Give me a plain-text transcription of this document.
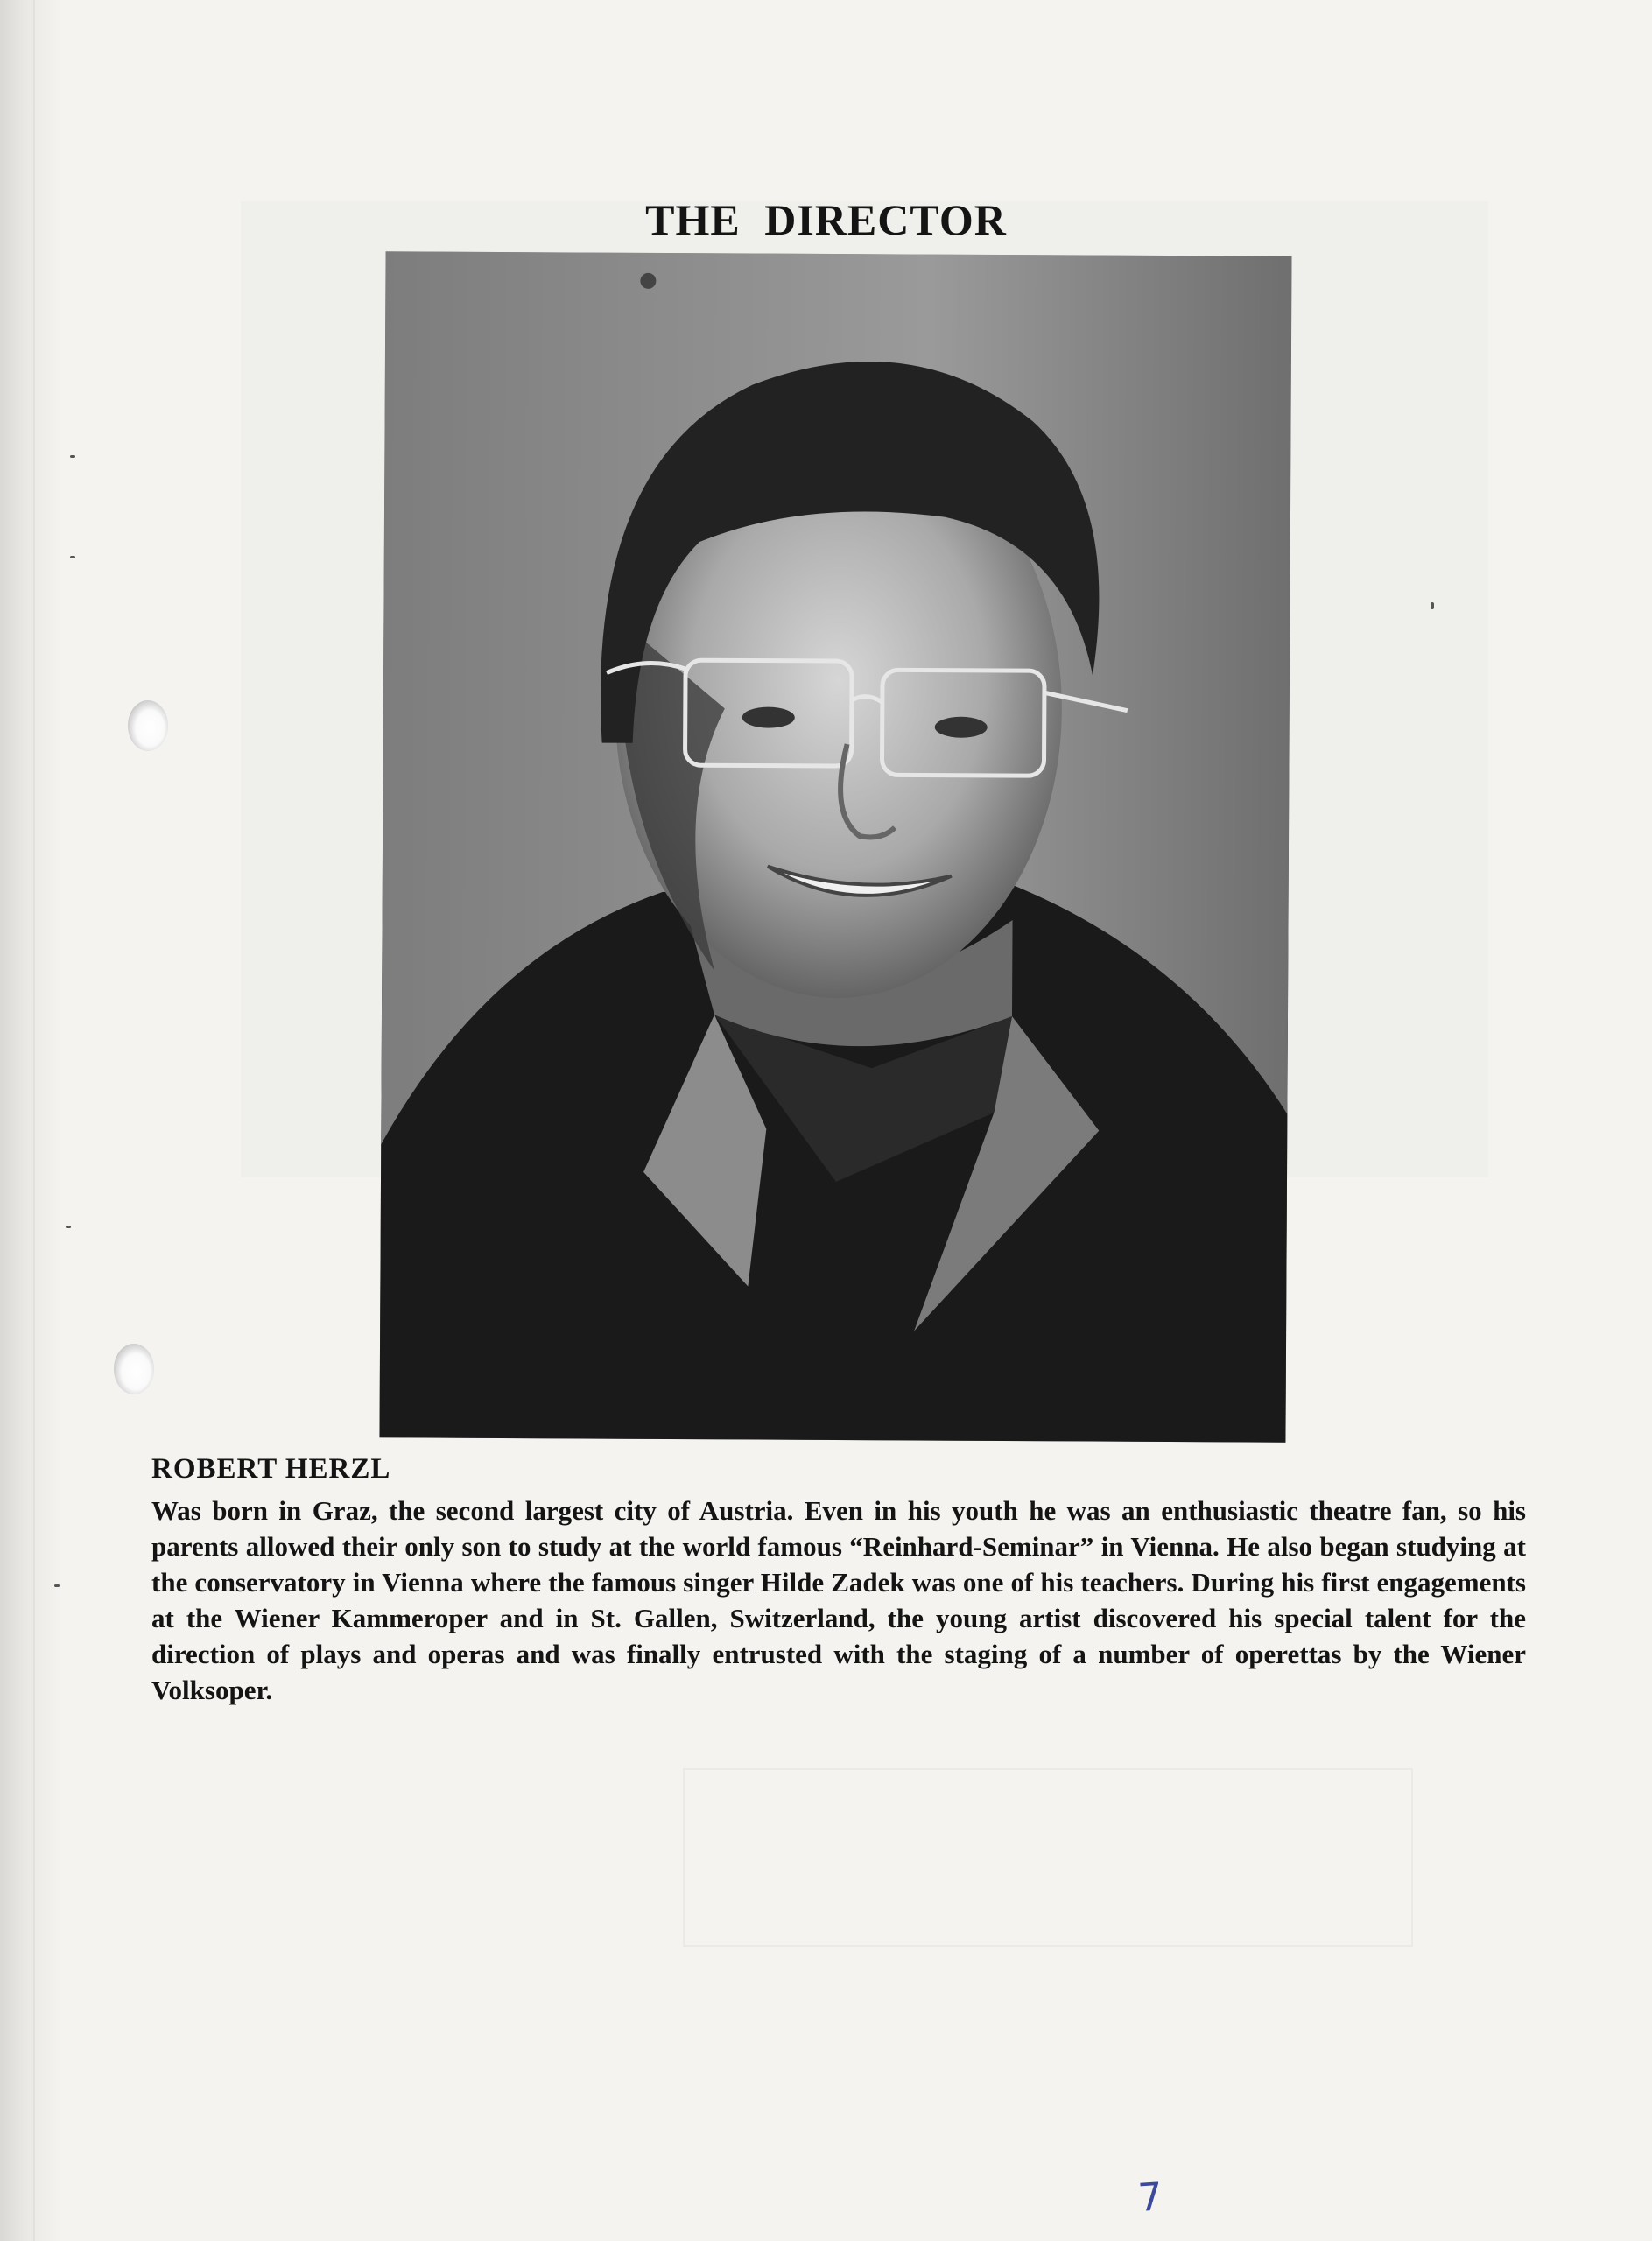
THE DIRECTOR
ROBERT HERZL

Was born in Graz, the second largest city of Austria. Even in his youth he was an enthusiastic theatre fan, so his parents allowed their only son to study at the world famous “Reinhard-Seminar” in Vienna. He also began studying at the conservatory in Vienna where the famous singer Hilde Zadek was one of his teachers. During his first engagements at the Wiener Kammeroper and in St. Gallen, Switzerland, the young artist discovered his special talent for the direction of plays and operas and was finally entrusted with the staging of a number of operettas by the Wiener Volksoper.

7
